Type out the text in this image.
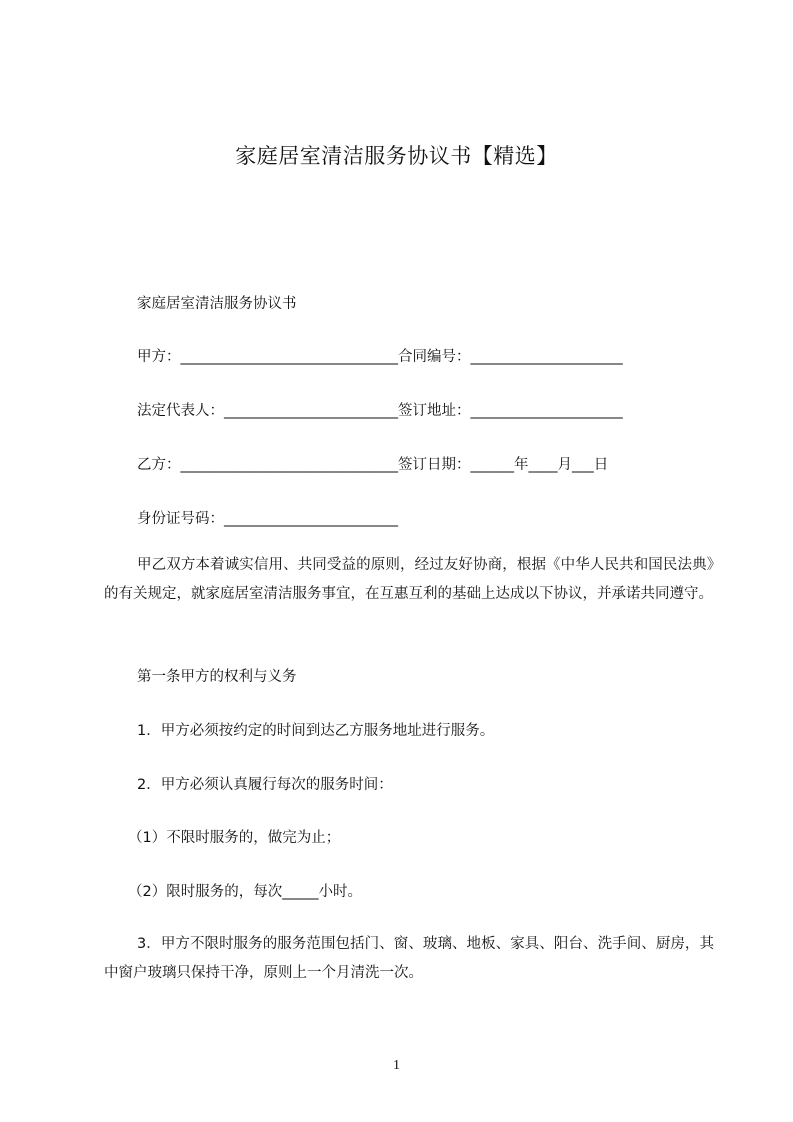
家庭居室清洁服务协议书【精选】
家庭居室清洁服务协议书
甲方：______________________________合同编号：_____________________
法定代表人：________________________签订地址：_____________________
乙方：______________________________签订日期：______年____月___日
身份证号码：________________________
甲乙双方本着诚实信用、共同受益的原则，经过友好协商，根据《中华人民共和国民法典》的有关规定，就家庭居室清洁服务事宜，在互惠互利的基础上达成以下协议，并承诺共同遵守。
第一条甲方的权利与义务
1．甲方必须按约定的时间到达乙方服务地址进行服务。
2．甲方必须认真履行每次的服务时间：
（1）不限时服务的，做完为止；
（2）限时服务的，每次_____小时。
3．甲方不限时服务的服务范围包括门、窗、玻璃、地板、家具、阳台、洗手间、厨房，其中窗户玻璃只保持干净，原则上一个月清洗一次。
1
